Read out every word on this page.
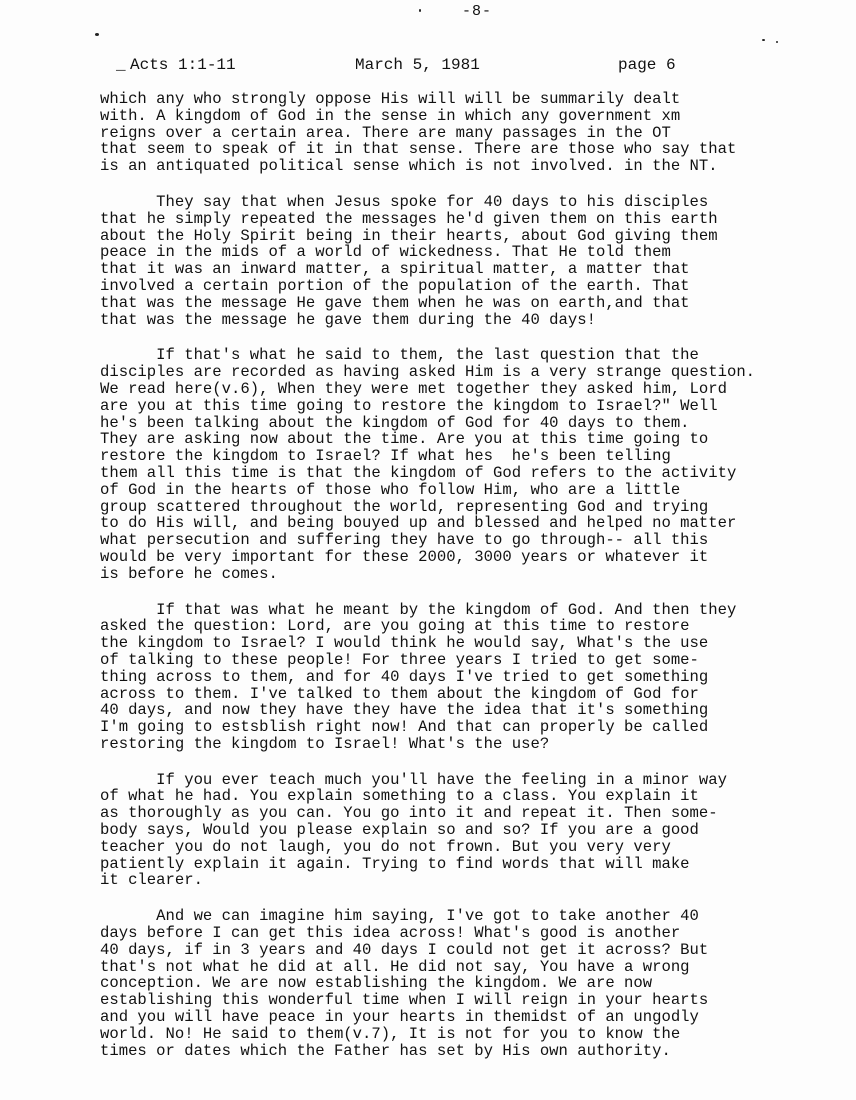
-8-
_ Acts 1:1-11	March 5, 1981	page 6

which any who strongly oppose His will will be summarily dealt
with. A kingdom of God in the sense in which any government xm
reigns over a certain area. There are many passages in the OT
that seem to speak of it in that sense. There are those who say that
is an antiquated political sense which is not involved. in the NT.

They say that when Jesus spoke for 40 days to his disciples
that he simply repeated the messages he'd given them on this earth
about the Holy Spirit being in their hearts, about God giving them
peace in the mids of a world of wickedness. That He told them
that it was an inward matter, a spiritual matter, a matter that
involved a certain portion of the population of the earth. That
that was the message He gave them when he was on earth,and that
that was the message he gave them during the 40 days!

If that's what he said to them, the last question that the
disciples are recorded as having asked Him is a very strange question.
We read here(v.6), When they were met together they asked him, Lord
are you at this time going to restore the kingdom to Israel?" Well
he's been talking about the kingdom of God for 40 days to them.
They are asking now about the time. Are you at this time going to
restore the kingdom to Israel? If what hes  he's been telling
them all this time is that the kingdom of God refers to the activity
of God in the hearts of those who follow Him, who are a little
group scattered throughout the world, representing God and trying
to do His will, and being bouyed up and blessed and helped no matter
what persecution and suffering they have to go through-- all this
would be very important for these 2000, 3000 years or whatever it
is before he comes.

If that was what he meant by the kingdom of God. And then they
asked the question: Lord, are you going at this time to restore
the kingdom to Israel? I would think he would say, What's the use
of talking to these people! For three years I tried to get some-
thing across to them, and for 40 days I've tried to get something
across to them. I've talked to them about the kingdom of God for
40 days, and now they have they have the idea that it's something
I'm going to estsblish right now! And that can properly be called
restoring the kingdom to Israel! What's the use?

If you ever teach much you'll have the feeling in a minor way
of what he had. You explain something to a class. You explain it
as thoroughly as you can. You go into it and repeat it. Then some-
body says, Would you please explain so and so? If you are a good
teacher you do not laugh, you do not frown. But you very very
patiently explain it again. Trying to find words that will make
it clearer.

And we can imagine him saying, I've got to take another 40
days before I can get this idea across! What's good is another
40 days, if in 3 years and 40 days I could not get it across? But
that's not what he did at all. He did not say, You have a wrong
conception. We are now establishing the kingdom. We are now
establishing this wonderful time when I will reign in your hearts
and you will have peace in your hearts in themidst of an ungodly
world. No! He said to them(v.7), It is not for you to know the
times or dates which the Father has set by His own authority.
